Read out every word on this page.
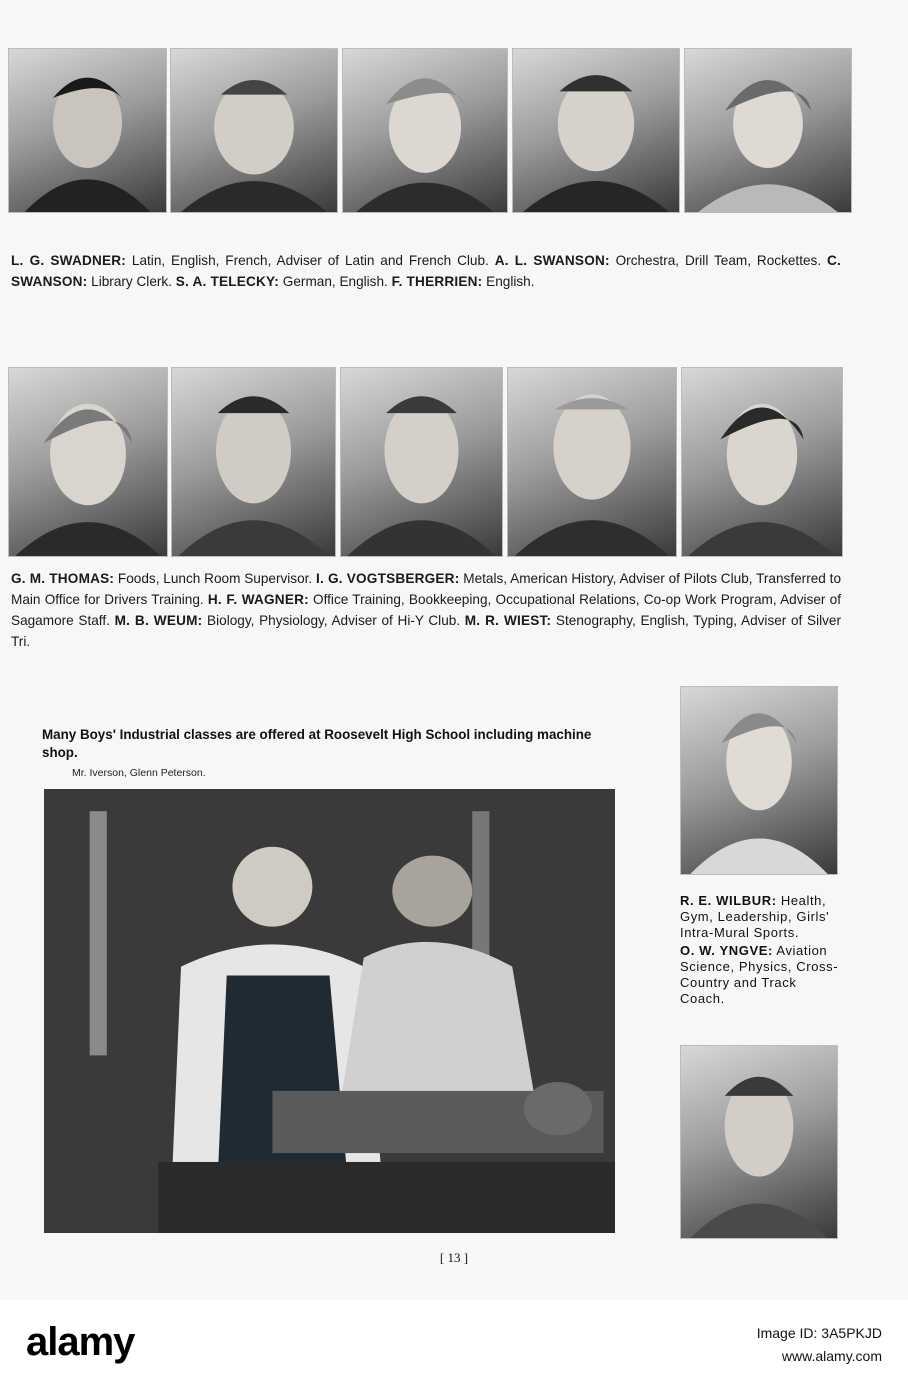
L. G. SWADNER: Latin, English, French, Adviser of Latin and French Club. A. L. SWANSON: Orchestra, Drill Team, Rockettes. C. SWANSON: Library Clerk. S. A. TELECKY: German, English. F. THERRIEN: English.
G. M. THOMAS: Foods, Lunch Room Supervisor. I. G. VOGTSBERGER: Metals, American History, Adviser of Pilots Club, Transferred to Main Office for Drivers Training. H. F. WAGNER: Office Training, Bookkeeping, Occupational Relations, Co-op Work Program, Adviser of Sagamore Staff. M. B. WEUM: Biology, Physiology, Adviser of Hi-Y Club. M. R. WIEST: Stenography, English, Typing, Adviser of Silver Tri.
Many Boys' Industrial classes are offered at Roosevelt High School including machine shop.
Mr. Iverson, Glenn Peterson.
R. E. WILBUR: Health, Gym, Leadership, Girls' Intra-Mural Sports.
O. W. YNGVE: Aviation Science, Physics, Cross-Country and Track Coach.
[ 13 ]
alamy	Image ID: 3A5PKJD
www.alamy.com
